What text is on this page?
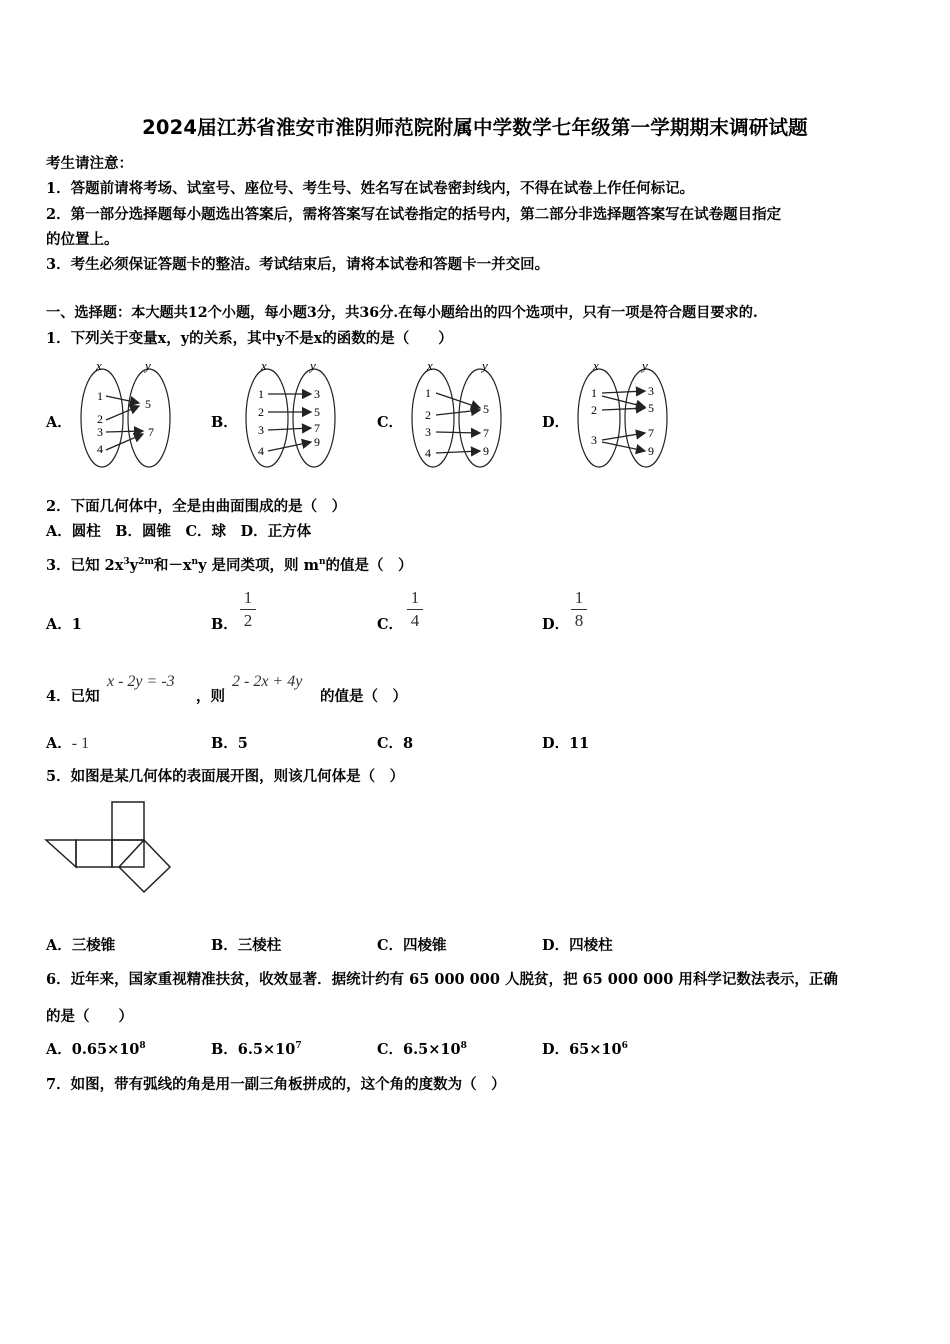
2024届江苏省淮安市淮阴师范院附属中学数学七年级第一学期期末调研试题
考生请注意：
1．答题前请将考场、试室号、座位号、考生号、姓名写在试卷密封线内，不得在试卷上作任何标记。
2．第一部分选择题每小题选出答案后，需将答案写在试卷指定的括号内，第二部分非选择题答案写在试卷题目指定
的位置上。
3．考生必须保证答题卡的整洁。考试结束后，请将本试卷和答题卡一并交回。
一、选择题：本大题共12个小题，每小题3分，共36分.在每小题给出的四个选项中，只有一项是符合题目要求的.
1．下列关于变量x，y的关系，其中y不是x的函数的是（　　）
A．	B．	C．	D．
x	y
1
2
3
4
5
7
x	y
1
2
3
4
3
5
7
9
x	y
1
2
3
4
5
7
9
x	y
1
2
3
3
5
7
9
2．下面几何体中，全是由曲面围成的是（　）
A．圆柱　B．圆锥　C．球　D．正方体
3．已知 $2x^3y^{2m}$和$-x^ny$ 是同类项，则 $m^n$的值是（　）
A．1	B．
1
2	C．
1
4	D．
1
8
4．已知
x - 2y = -3
，则
2 - 2x + 4y
的值是（　）
A．- 1	B．5	C．8	D．11
5．如图是某几何体的表面展开图，则该几何体是（　）
A．三棱锥	B．三棱柱	C．四棱锥	D．四棱柱
6．近年来，国家重视精准扶贫，收效显著．据统计约有 65 000 000 人脱贫，把 65 000 000 用科学记数法表示，正确
的是（　　）
A．$0.65\times 10^8$	B．$6.5\times 10^7$	C．$6.5\times 10^8$	D．$65\times 10^6$
7．如图，带有弧线的角是用一副三角板拼成的，这个角的度数为（　）
